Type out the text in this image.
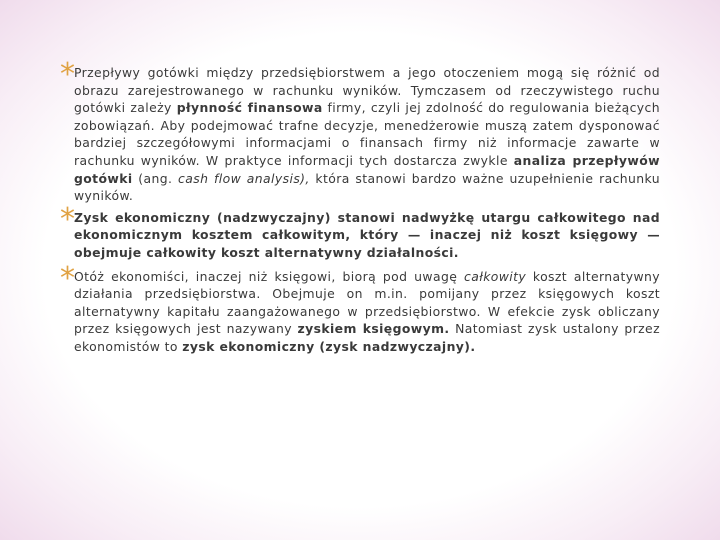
*
Przepływy gotówki między przedsiębiorstwem a jego otoczeniem mogą się różnić od obrazu zarejestrowanego w rachunku wyników. Tymczasem od rzeczywistego ruchu gotówki zależy płynność finansowa firmy, czyli jej zdolność do regulowania bieżących zobowiązań. Aby podejmować trafne decyzje, menedżerowie muszą zatem dysponować bardziej szczegółowymi informacjami o finansach firmy niż informacje zawarte w rachunku wyników. W praktyce informacji tych dostarcza zwykle analiza przepływów gotówki (ang. cash flow analysis), która stanowi bardzo ważne uzupełnienie rachunku wyników.
*
Zysk ekonomiczny (nadzwyczajny) stanowi nadwyżkę utargu całkowitego nad ekonomicznym kosztem całkowitym, który — inaczej niż koszt księgowy — obejmuje całkowity koszt alternatywny działalności.
*
Otóż ekonomiści, inaczej niż księgowi, biorą pod uwagę całkowity koszt alternatywny działania przedsiębiorstwa. Obejmuje on m.in. pomijany przez księgowych koszt alternatywny kapitału zaangażowanego w przedsiębiorstwo. W efekcie zysk obliczany przez księgowych jest nazywany zyskiem księgowym. Natomiast zysk ustalony przez ekonomistów to zysk ekonomiczny (zysk nadzwyczajny).
